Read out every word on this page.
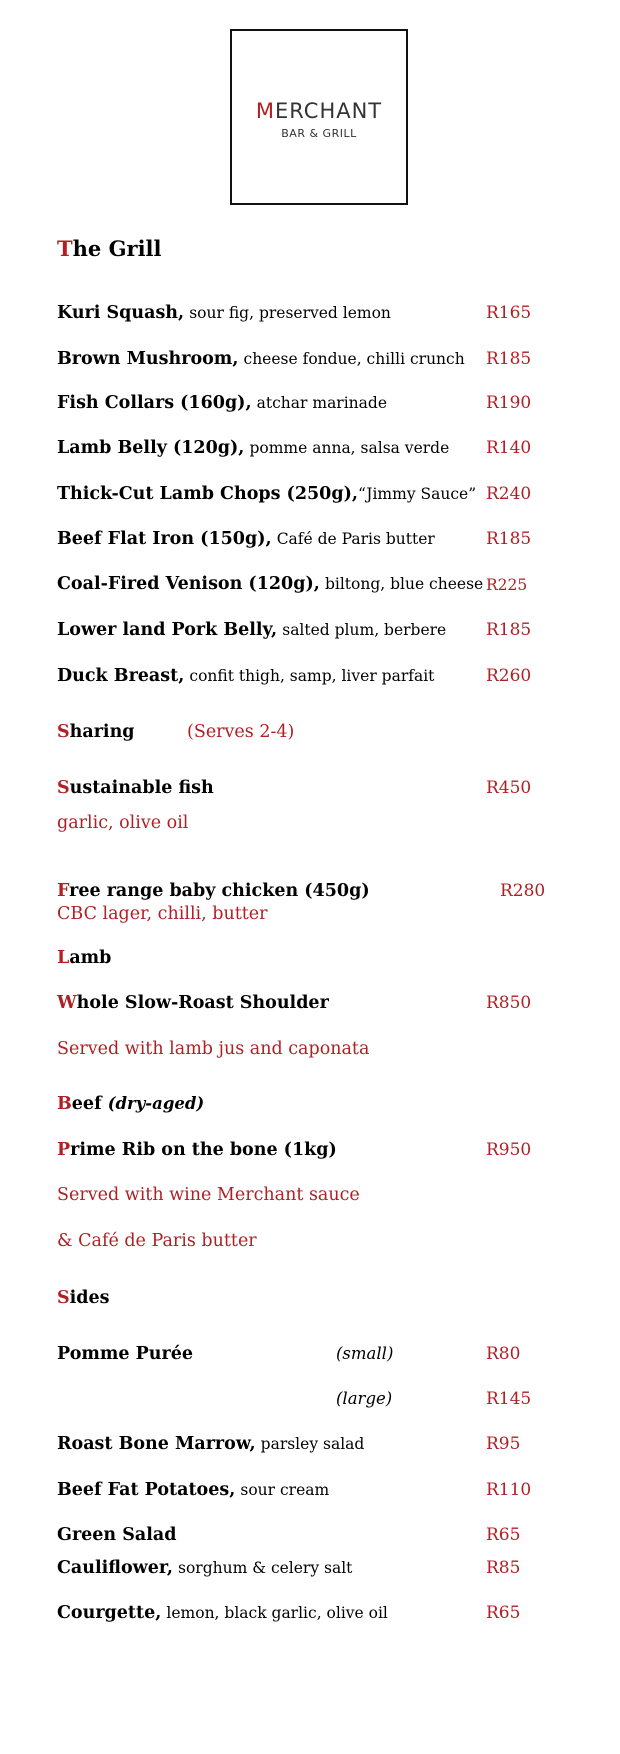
MERCHANT
BAR & GRILL
The Grill
Kuri Squash, sour fig, preserved lemon	R165
Brown Mushroom, cheese fondue, chilli crunch R185
Fish Collars (160g), atchar marinade	R190
Lamb Belly (120g), pomme anna, salsa verde R140
Thick-Cut Lamb Chops (250g),“Jimmy Sauce” R240
Beef Flat Iron (150g), Café de Paris butter	R185
Coal-Fired Venison (120g), biltong, blue cheese R225
Lower land Pork Belly, salted plum, berbere R185
Duck Breast, confit thigh, samp, liver parfait	R260
Sharing	(Serves 2-4)
Sustainable fish	R450
garlic, olive oil
Free range baby chicken (450g)	R280
CBC lager, chilli, butter
Lamb
Whole Slow-Roast Shoulder	R850
Served with lamb jus and caponata
Beef (dry-aged)
Prime Rib on the bone (1kg)	R950
Served with wine Merchant sauce
& Café de Paris butter
Sides
Pomme Purée	(small)	R80
(large)	R145
Roast Bone Marrow, parsley salad	R95
Beef Fat Potatoes, sour cream	R110
Green Salad	R65
Cauliflower, sorghum & celery salt	R85
Courgette, lemon, black garlic, olive oil	R65
